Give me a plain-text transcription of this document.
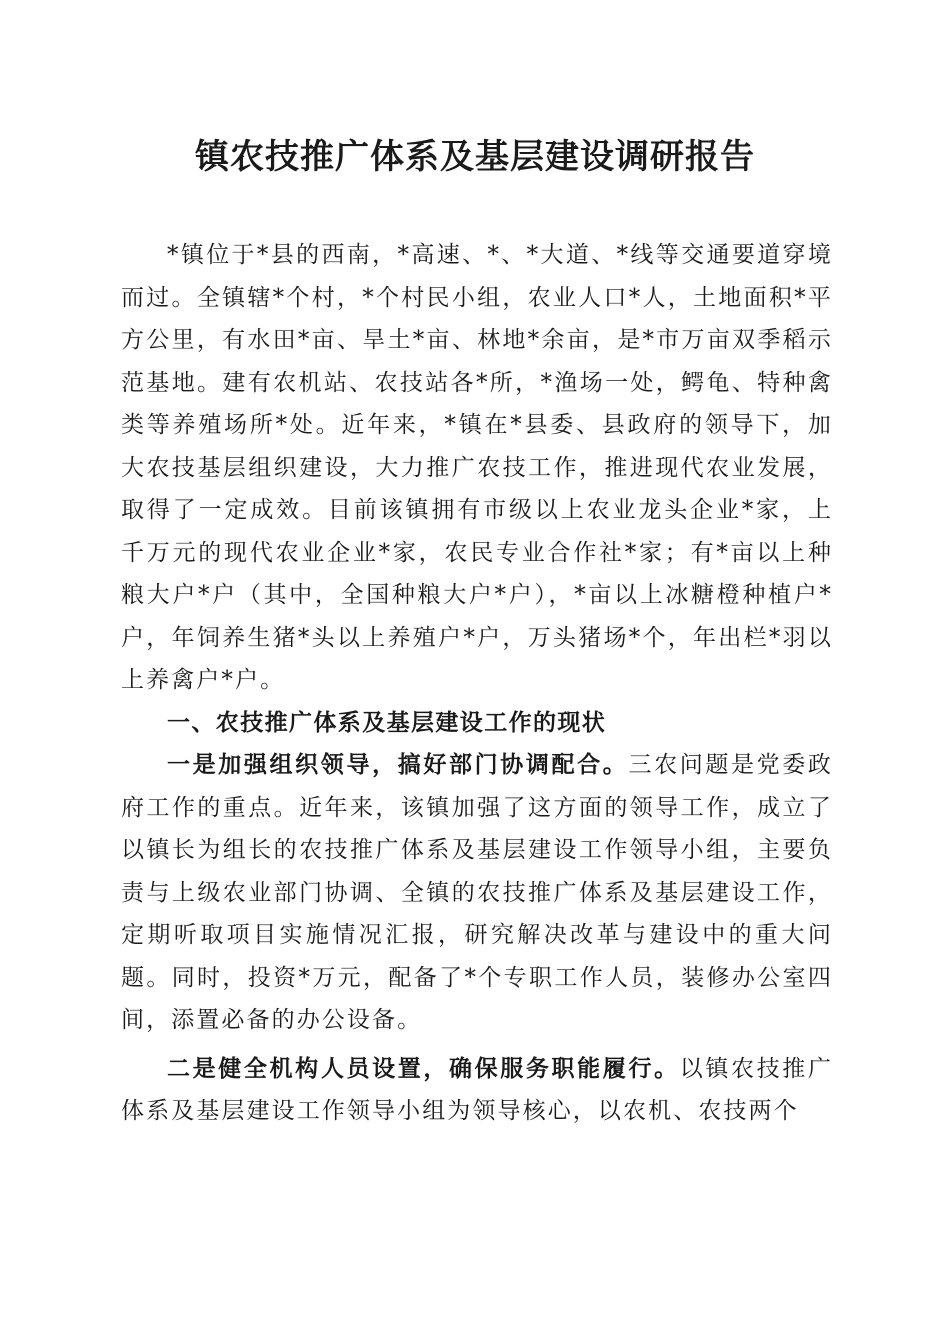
镇农技推广体系及基层建设调研报告

*镇位于*县的西南，*高速、*、*大道、*线等交通要道穿境而过。全镇辖*个村，*个村民小组，农业人口*人，土地面积*平方公里，有水田*亩、旱土*亩、林地*余亩，是*市万亩双季稻示范基地。建有农机站、农技站各*所，*渔场一处，鳄龟、特种禽类等养殖场所*处。近年来，*镇在*县委、县政府的领导下，加大农技基层组织建设，大力推广农技工作，推进现代农业发展，取得了一定成效。目前该镇拥有市级以上农业龙头企业*家，上千万元的现代农业企业*家，农民专业合作社*家；有*亩以上种粮大户*户（其中，全国种粮大户*户），*亩以上冰糖橙种植户*户，年饲养生猪*头以上养殖户*户，万头猪场*个，年出栏*羽以上养禽户*户。

一、农技推广体系及基层建设工作的现状

一是加强组织领导，搞好部门协调配合。三农问题是党委政府工作的重点。近年来，该镇加强了这方面的领导工作，成立了以镇长为组长的农技推广体系及基层建设工作领导小组，主要负责与上级农业部门协调、全镇的农技推广体系及基层建设工作，定期听取项目实施情况汇报，研究解决改革与建设中的重大问题。同时，投资*万元，配备了*个专职工作人员，装修办公室四间，添置必备的办公设备。

二是健全机构人员设置，确保服务职能履行。以镇农技推广体系及基层建设工作领导小组为领导核心，以农机、农技两个
